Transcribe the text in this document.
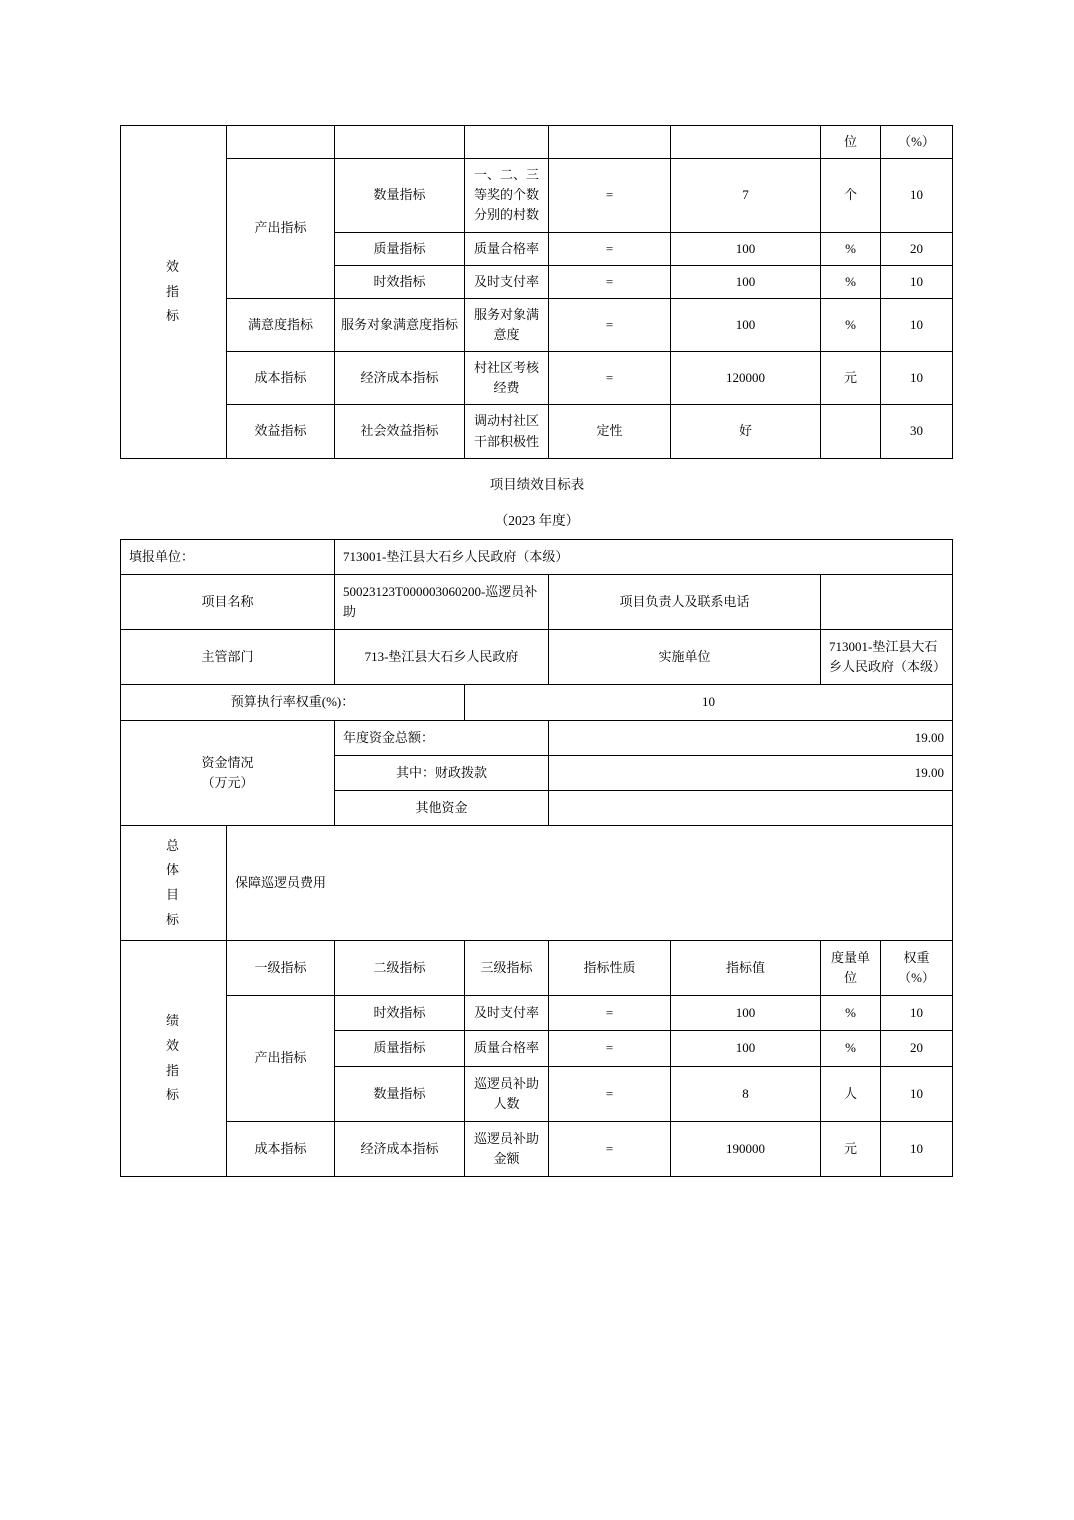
效
指
标						位	（%）
	产出指标	数量指标	一、二、三等奖的个数分别的村数	=	7	个	10
		质量指标	质量合格率	=	100	%	20
		时效指标	及时支付率	=	100	%	10
	满意度指标	服务对象满意度指标	服务对象满意度	=	100	%	10
	成本指标	经济成本指标	村社区考核经费	=	120000	元	10
	效益指标	社会效益指标	调动村社区干部积极性	定性	好		30
项目绩效目标表
（2023 年度）
填报单位：		713001-垫江县大石乡人民政府（本级）					
项目名称		50023123T000003060200-巡逻员补助		项目负责人及联系电话			
主管部门		713-垫江县大石乡人民政府		实施单位		713001-垫江县大石乡人民政府（本级）	
预算执行率权重(%)：			10				

资金情况
（万元）		年度资金总额：		19.00			
		其中：财政拨款		19.00			
		其他资金					

总
体
目
标	保障巡逻员费用						

绩
效
指
标	一级指标	二级指标	三级指标	指标性质	指标值	度量单位	权重（%）
	产出指标	时效指标	及时支付率	=	100	%	10
		质量指标	质量合格率	=	100	%	20
		数量指标	巡逻员补助人数	=	8	人	10
	成本指标	经济成本指标	巡逻员补助金额	=	190000	元	10
